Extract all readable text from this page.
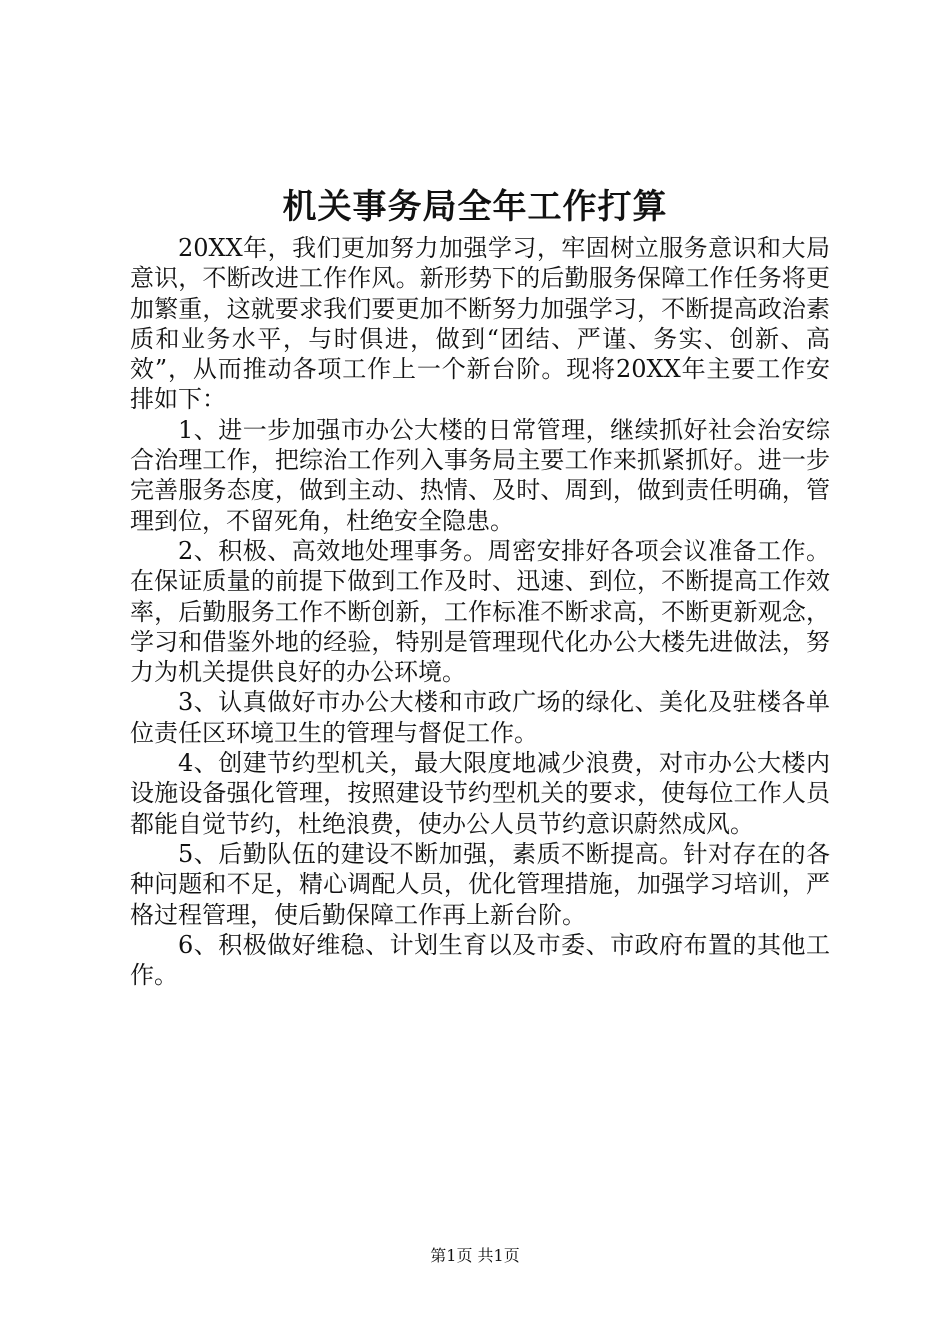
机关事务局全年工作打算

20XX年，我们更加努力加强学习，牢固树立服务意识和大局意识，不断改进工作作风。新形势下的后勤服务保障工作任务将更加繁重，这就要求我们要更加不断努力加强学习，不断提高政治素质和业务水平，与时俱进，做到“团结、严谨、务实、创新、高效”，从而推动各项工作上一个新台阶。现将20XX年主要工作安排如下：

1、进一步加强市办公大楼的日常管理，继续抓好社会治安综合治理工作，把综治工作列入事务局主要工作来抓紧抓好。进一步完善服务态度，做到主动、热情、及时、周到，做到责任明确，管理到位，不留死角，杜绝安全隐患。

2、积极、高效地处理事务。周密安排好各项会议准备工作。在保证质量的前提下做到工作及时、迅速、到位，不断提高工作效率，后勤服务工作不断创新，工作标准不断求高，不断更新观念，学习和借鉴外地的经验，特别是管理现代化办公大楼先进做法，努力为机关提供良好的办公环境。

3、认真做好市办公大楼和市政广场的绿化、美化及驻楼各单位责任区环境卫生的管理与督促工作。

4、创建节约型机关，最大限度地减少浪费，对市办公大楼内设施设备强化管理，按照建设节约型机关的要求，使每位工作人员都能自觉节约，杜绝浪费，使办公人员节约意识蔚然成风。

5、后勤队伍的建设不断加强，素质不断提高。针对存在的各种问题和不足，精心调配人员，优化管理措施，加强学习培训，严格过程管理，使后勤保障工作再上新台阶。

6、积极做好维稳、计划生育以及市委、市政府布置的其他工作。

第1页 共1页
